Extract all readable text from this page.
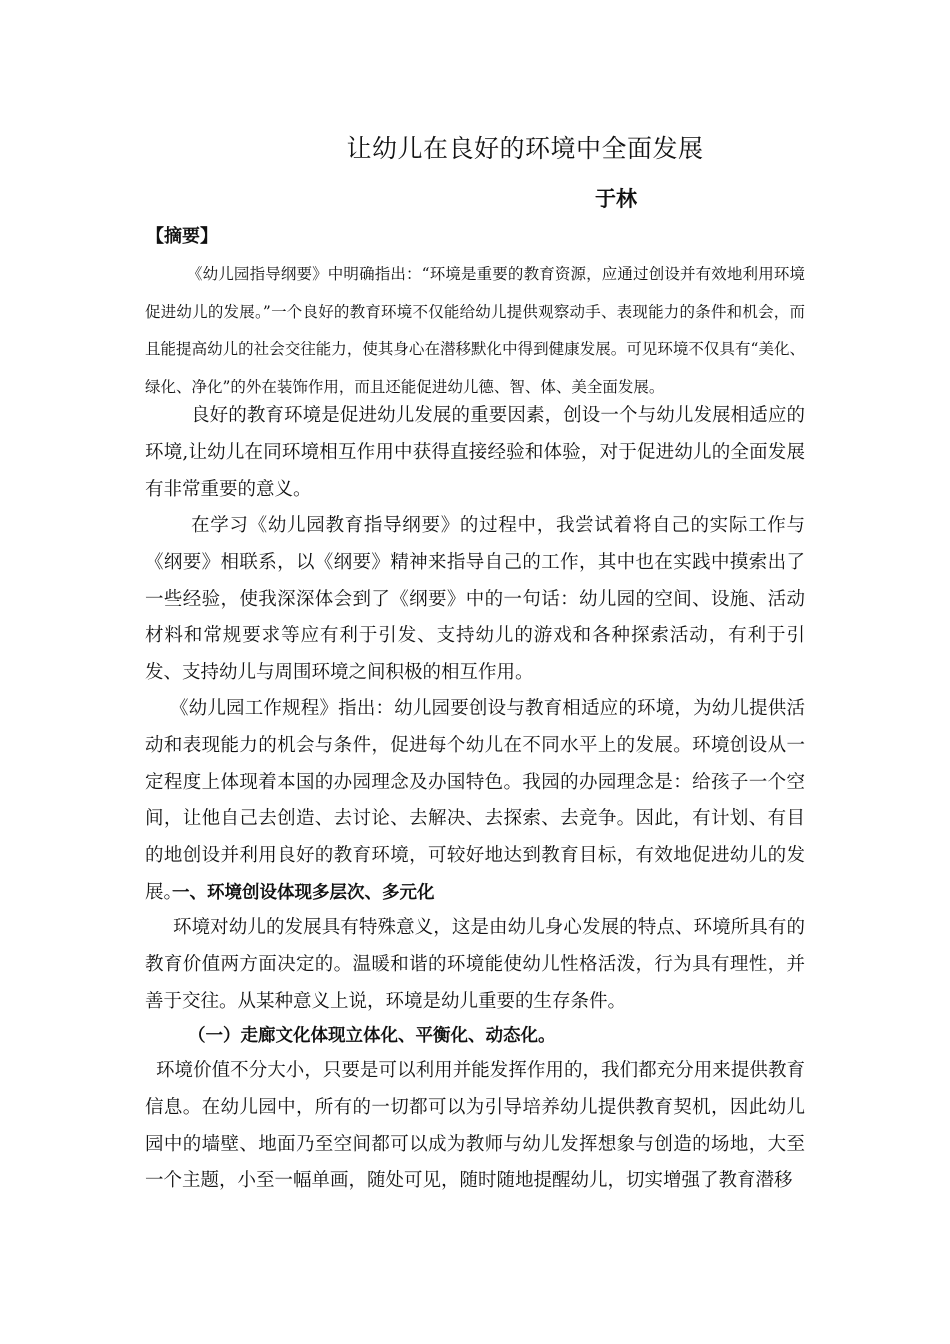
让幼儿在良好的环境中全面发展
于林
【摘要】

《幼儿园指导纲要》中明确指出：“环境是重要的教育资源，应通过创设并有效地利用环境促进幼儿的发展。”一个良好的教育环境不仅能给幼儿提供观察动手、表现能力的条件和机会，而且能提高幼儿的社会交往能力，使其身心在潜移默化中得到健康发展。可见环境不仅具有“美化、绿化、净化”的外在装饰作用，而且还能促进幼儿德、智、体、美全面发展。

良好的教育环境是促进幼儿发展的重要因素，创设一个与幼儿发展相适应的环境,让幼儿在同环境相互作用中获得直接经验和体验，对于促进幼儿的全面发展有非常重要的意义。

在学习《幼儿园教育指导纲要》的过程中，我尝试着将自己的实际工作与《纲要》相联系，以《纲要》精神来指导自己的工作，其中也在实践中摸索出了一些经验，使我深深体会到了《纲要》中的一句话：幼儿园的空间、设施、活动材料和常规要求等应有利于引发、支持幼儿的游戏和各种探索活动，有利于引发、支持幼儿与周围环境之间积极的相互作用。

《幼儿园工作规程》指出：幼儿园要创设与教育相适应的环境，为幼儿提供活动和表现能力的机会与条件，促进每个幼儿在不同水平上的发展。环境创设从一定程度上体现着本国的办园理念及办国特色。我园的办园理念是：给孩子一个空间，让他自己去创造、去讨论、去解决、去探索、去竞争。因此，有计划、有目的地创设并利用良好的教育环境，可较好地达到教育目标，有效地促进幼儿的发展。

一、环境创设体现多层次、多元化

环境对幼儿的发展具有特殊意义，这是由幼儿身心发展的特点、环境所具有的教育价值两方面决定的。温暖和谐的环境能使幼儿性格活泼，行为具有理性，并善于交往。从某种意义上说，环境是幼儿重要的生存条件。

（一）走廊文化体现立体化、平衡化、动态化。

环境价值不分大小，只要是可以利用并能发挥作用的，我们都充分用来提供教育信息。在幼儿园中，所有的一切都可以为引导培养幼儿提供教育契机，因此幼儿园中的墙壁、地面乃至空间都可以成为教师与幼儿发挥想象与创造的场地，大至一个主题，小至一幅单画，随处可见，随时随地提醒幼儿，切实增强了教育潜移
